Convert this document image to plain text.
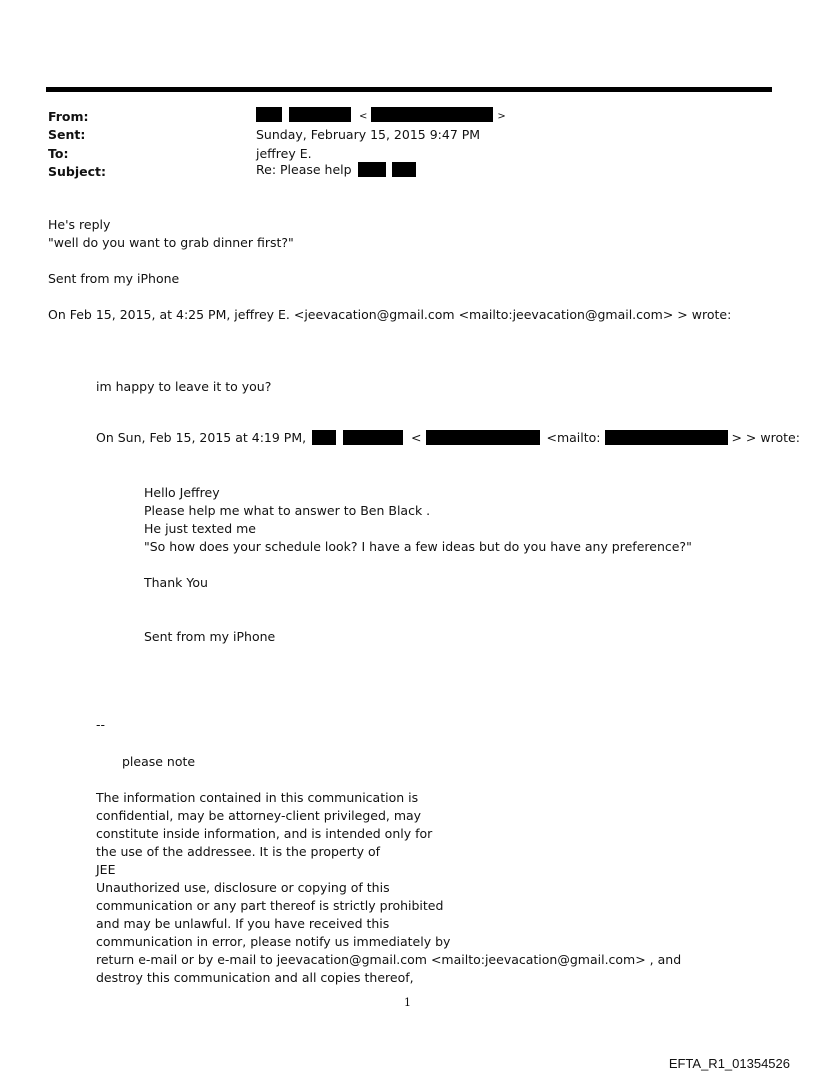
From:	<	>
Sent:	Sunday, February 15, 2015 9:47 PM
To:	jeffrey E.
Subject:	Re: Please help
He's reply
"well do you want to grab dinner first?"
Sent from my iPhone
On Feb 15, 2015, at 4:25 PM, jeffrey E. <jeevacation@gmail.com <mailto:jeevacation@gmail.com> > wrote:
im happy to leave it to you?
On Sun, Feb 15, 2015 at 4:19 PM,	<	<mailto:	> > wrote:
Hello Jeffrey
Please help me what to answer to Ben Black .
He just texted me
"So how does your schedule look? I have a few ideas but do you have any preference?"
Thank You
Sent from my iPhone
--
please note
The information contained in this communication is
confidential, may be attorney-client privileged, may
constitute inside information, and is intended only for
the use of the addressee. It is the property of
JEE
Unauthorized use, disclosure or copying of this
communication or any part thereof is strictly prohibited
and may be unlawful. If you have received this
communication in error, please notify us immediately by
return e-mail or by e-mail to jeevacation@gmail.com <mailto:jeevacation@gmail.com> , and
destroy this communication and all copies thereof,
1
EFTA_R1_01354526
